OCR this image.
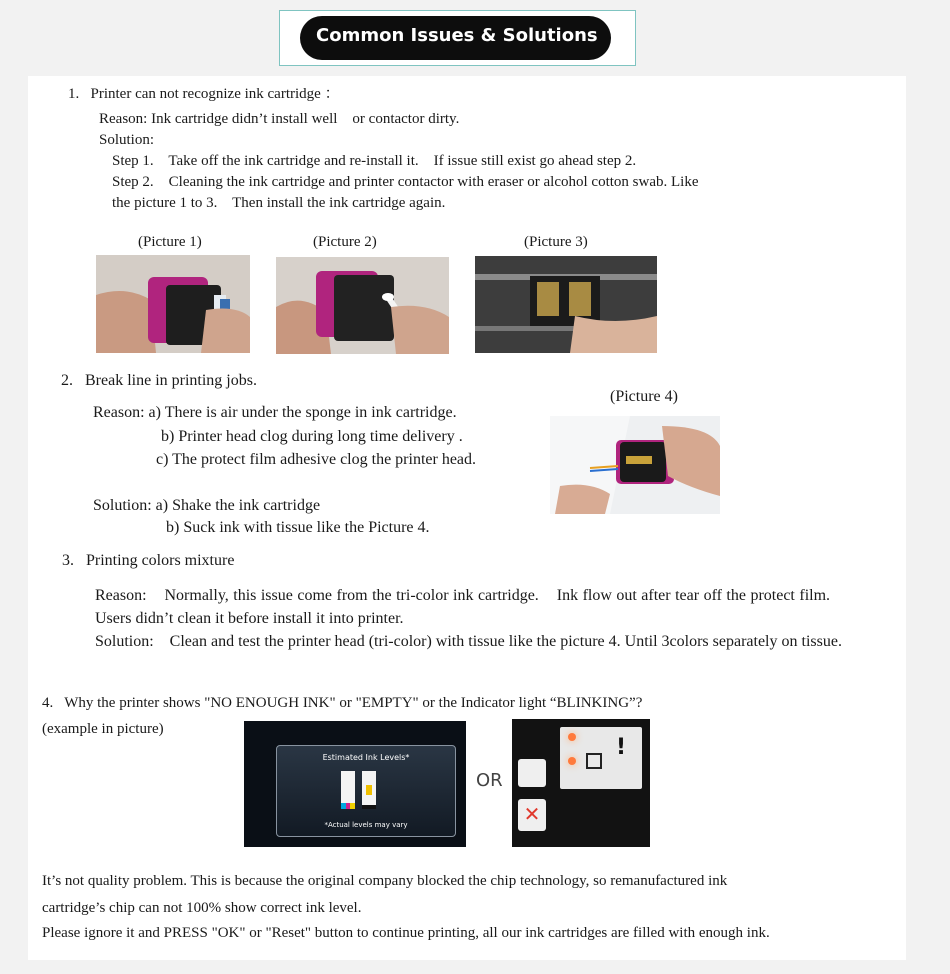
Common Issues & Solutions
1.   Printer can not recognize ink cartridge ：
Reason: Ink cartridge didn’t install well    or contactor dirty.
Solution:
Step 1.    Take off the ink cartridge and re-install it.    If issue still exist go ahead step 2.
Step 2.    Cleaning the ink cartridge and printer contactor with eraser or alcohol cotton swab. Like
the picture 1 to 3.    Then install the ink cartridge again.
(Picture 1)	(Picture 2)	(Picture 3)
2.   Break line in printing jobs.
Reason: a) There is air under the sponge in ink cartridge.
b) Printer head clog during long time delivery .
c) The protect film adhesive clog the printer head.
Solution: a) Shake the ink cartridge
b) Suck ink with tissue like the Picture 4.
(Picture 4)
3.   Printing colors mixture
Reason:    Normally, this issue come from the tri-color ink cartridge.    Ink flow out after tear off the protect film.    Users didn’t clean it before install it into printer.
Solution:    Clean and test the printer head (tri-color) with tissue like the picture 4. Until 3colors separately on tissue.
4.   Why the printer shows "NO ENOUGH INK" or "EMPTY" or the Indicator light “BLINKING”?
(example in picture)
Estimated Ink Levels*
*Actual levels may vary
OR
✕
!
It’s not quality problem. This is because the original company blocked the chip technology, so remanufactured ink
cartridge’s chip can not 100% show correct ink level.
Please ignore it and PRESS "OK" or "Reset" button to continue printing, all our ink cartridges are filled with enough ink.
